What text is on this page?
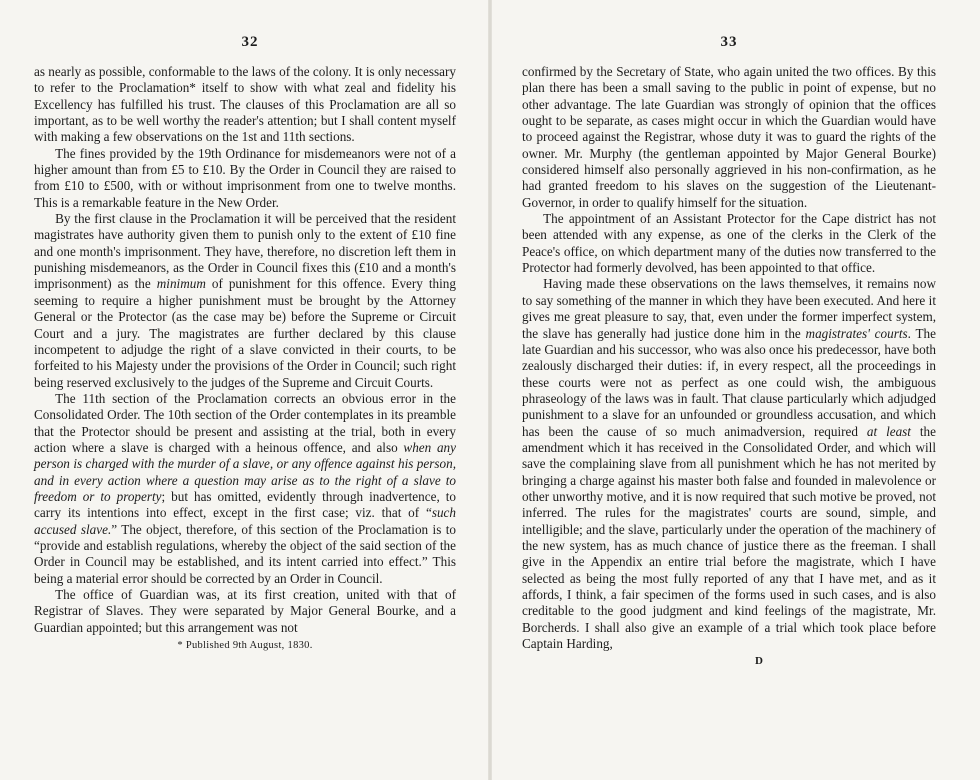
32

as nearly as possible, conformable to the laws of the colony. It is only necessary to refer to the Proclamation* itself to show with what zeal and fidelity his Excellency has fulfilled his trust. The clauses of this Proclamation are all so important, as to be well worthy the reader's attention; but I shall content myself with making a few observations on the 1st and 11th sections.

The fines provided by the 19th Ordinance for misdemeanors were not of a higher amount than from £5 to £10. By the Order in Council they are raised to from £10 to £500, with or without imprisonment from one to twelve months. This is a remarkable feature in the New Order.

By the first clause in the Proclamation it will be perceived that the resident magistrates have authority given them to punish only to the extent of £10 fine and one month's imprisonment. They have, therefore, no discretion left them in punishing misdemeanors, as the Order in Council fixes this (£10 and a month's imprisonment) as the minimum of punishment for this offence. Every thing seeming to require a higher punishment must be brought by the Attorney General or the Protector (as the case may be) before the Supreme or Circuit Court and a jury. The magistrates are further declared by this clause incompetent to adjudge the right of a slave convicted in their courts, to be forfeited to his Majesty under the provisions of the Order in Council; such right being reserved exclusively to the judges of the Supreme and Circuit Courts.

The 11th section of the Proclamation corrects an obvious error in the Consolidated Order. The 10th section of the Order contemplates in its preamble that the Protector should be present and assisting at the trial, both in every action where a slave is charged with a heinous offence, and also when any person is charged with the murder of a slave, or any offence against his person, and in every action where a question may arise as to the right of a slave to freedom or to property; but has omitted, evidently through inadvertence, to carry its intentions into effect, except in the first case; viz. that of “such accused slave.” The object, therefore, of this section of the Proclamation is to “provide and establish regulations, whereby the object of the said section of the Order in Council may be established, and its intent carried into effect.” This being a material error should be corrected by an Order in Council.

The office of Guardian was, at its first creation, united with that of Registrar of Slaves. They were separated by Major General Bourke, and a Guardian appointed; but this arrangement was not

* Published 9th August, 1830.
33

confirmed by the Secretary of State, who again united the two offices. By this plan there has been a small saving to the public in point of expense, but no other advantage. The late Guardian was strongly of opinion that the offices ought to be separate, as cases might occur in which the Guardian would have to proceed against the Registrar, whose duty it was to guard the rights of the owner. Mr. Murphy (the gentleman appointed by Major General Bourke) considered himself also personally aggrieved in his non-confirmation, as he had granted freedom to his slaves on the suggestion of the Lieutenant-Governor, in order to qualify himself for the situation.

The appointment of an Assistant Protector for the Cape district has not been attended with any expense, as one of the clerks in the Clerk of the Peace's office, on which department many of the duties now transferred to the Protector had formerly devolved, has been appointed to that office.

Having made these observations on the laws themselves, it remains now to say something of the manner in which they have been executed. And here it gives me great pleasure to say, that, even under the former imperfect system, the slave has generally had justice done him in the magistrates' courts. The late Guardian and his successor, who was also once his predecessor, have both zealously discharged their duties: if, in every respect, all the proceedings in these courts were not as perfect as one could wish, the ambiguous phraseology of the laws was in fault. That clause particularly which adjudged punishment to a slave for an unfounded or groundless accusation, and which has been the cause of so much animadversion, required at least the amendment which it has received in the Consolidated Order, and which will save the complaining slave from all punishment which he has not merited by bringing a charge against his master both false and founded in malevolence or other unworthy motive, and it is now required that such motive be proved, not inferred. The rules for the magistrates' courts are sound, simple, and intelligible; and the slave, particularly under the operation of the machinery of the new system, has as much chance of justice there as the freeman. I shall give in the Appendix an entire trial before the magistrate, which I have selected as being the most fully reported of any that I have met, and as it affords, I think, a fair specimen of the forms used in such cases, and is also creditable to the good judgment and kind feelings of the magistrate, Mr. Borcherds. I shall also give an example of a trial which took place before Captain Harding,

D
